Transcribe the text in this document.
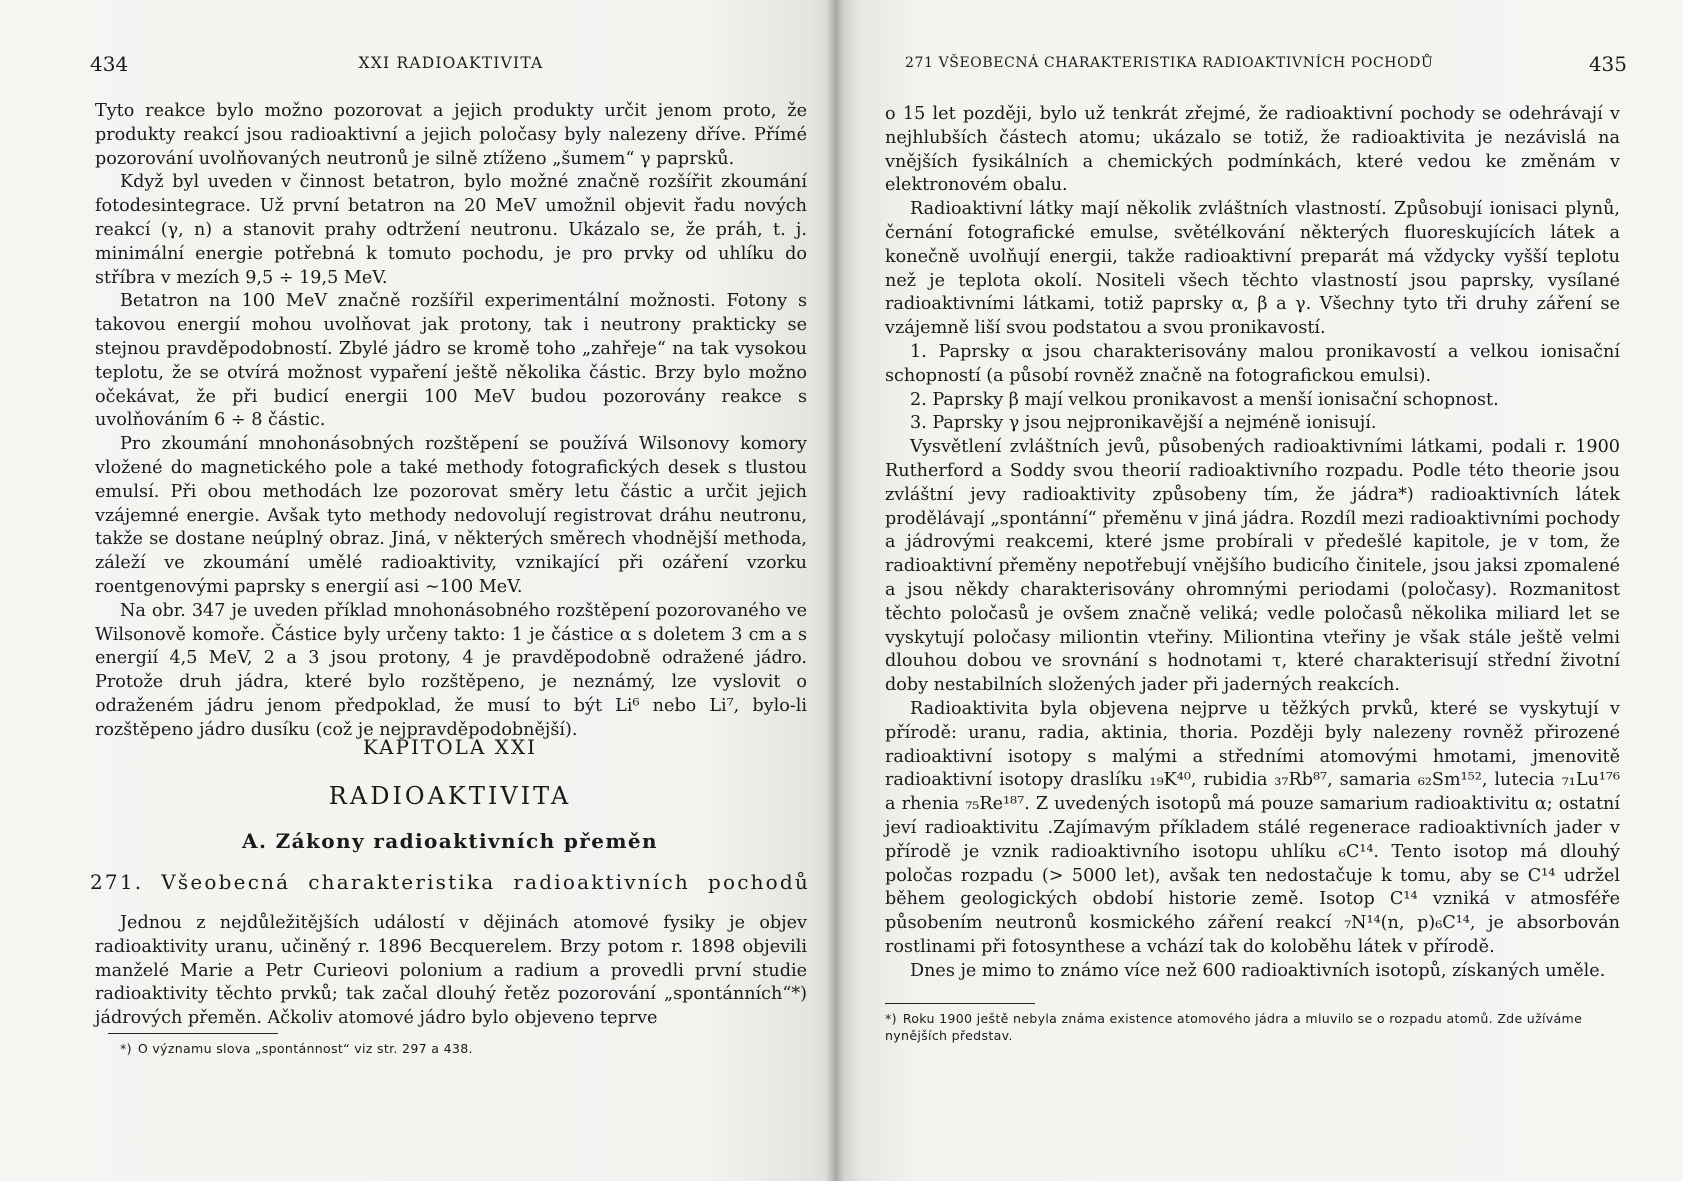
434	XXI RADIOAKTIVITA

Tyto reakce bylo možno pozorovat a jejich produkty určit jenom proto, že produkty reakcí jsou radioaktivní a jejich poločasy byly nalezeny dříve. Přímé pozorování uvolňovaných neutronů je silně ztíženo „šumem“ γ paprsků.

Když byl uveden v činnost betatron, bylo možné značně rozšířit zkoumání fotodesintegrace. Už první betatron na 20 MeV umožnil objevit řadu nových reakcí (γ, n) a stanovit prahy odtržení neutronu. Ukázalo se, že práh, t. j. minimální energie potřebná k tomuto pochodu, je pro prvky od uhlíku do stříbra v mezích 9,5 ÷ 19,5 MeV.

Betatron na 100 MeV značně rozšířil experimentální možnosti. Fotony s takovou energií mohou uvolňovat jak protony, tak i neutrony prakticky se stejnou pravděpodobností. Zbylé jádro se kromě toho „zahřeje“ na tak vysokou teplotu, že se otvírá možnost vypaření ještě několika částic. Brzy bylo možno očekávat, že při budicí energii 100 MeV budou pozorovány reakce s uvolňováním 6 ÷ 8 částic.

Pro zkoumání mnohonásobných rozštěpení se používá Wilsonovy komory vložené do magnetického pole a také methody fotografických desek s tlustou emulsí. Při obou methodách lze pozorovat směry letu částic a určit jejich vzájemné energie. Avšak tyto methody nedovolují registrovat dráhu neutronu, takže se dostane neúplný obraz. Jiná, v některých směrech vhodnější methoda, záleží ve zkoumání umělé radioaktivity, vznikající při ozáření vzorku roentgenovými paprsky s energií asi ∼100 MeV.

Na obr. 347 je uveden příklad mnohonásobného rozštěpení pozorovaného ve Wilsonově komoře. Částice byly určeny takto: 1 je částice α s doletem 3 cm a s energií 4,5 MeV, 2 a 3 jsou protony, 4 je pravděpodobně odražené jádro. Protože druh jádra, které bylo rozštěpeno, je neznámý, lze vyslovit o odraženém jádru jenom předpoklad, že musí to být Li⁶ nebo Li⁷, bylo-li rozštěpeno jádro dusíku (což je nejpravděpodobnější).

KAPITOLA XXI
RADIOAKTIVITA
A. Zákony radioaktivních přeměn
271. Všeobecná charakteristika radioaktivních pochodů

Jednou z nejdůležitějších událostí v dějinách atomové fysiky je objev radioaktivity uranu, učiněný r. 1896 Becquerelem. Brzy potom r. 1898 objevili manželé Marie a Petr Curieovi polonium a radium a provedli první studie radioaktivity těchto prvků; tak začal dlouhý řetěz pozorování „spontánních“*) jádrových přeměn. Ačkoliv atomové jádro bylo objeveno teprve

*) O významu slova „spontánnost“ viz str. 297 a 438.
271 VŠEOBECNÁ CHARAKTERISTIKA RADIOAKTIVNÍCH POCHODŮ	435

o 15 let později, bylo už tenkrát zřejmé, že radioaktivní pochody se odehrávají v nejhlubších částech atomu; ukázalo se totiž, že radioaktivita je nezávislá na vnějších fysikálních a chemických podmínkách, které vedou ke změnám v elektronovém obalu.

Radioaktivní látky mají několik zvláštních vlastností. Způsobují ionisaci plynů, černání fotografické emulse, světélkování některých fluoreskujících látek a konečně uvolňují energii, takže radioaktivní preparát má vždycky vyšší teplotu než je teplota okolí. Nositeli všech těchto vlastností jsou paprsky, vysílané radioaktivními látkami, totiž paprsky α, β a γ. Všechny tyto tři druhy záření se vzájemně liší svou podstatou a svou pronikavostí.

1. Paprsky α jsou charakterisovány malou pronikavostí a velkou ionisační schopností (a působí rovněž značně na fotografickou emulsi).

2. Paprsky β mají velkou pronikavost a menší ionisační schopnost.

3. Paprsky γ jsou nejpronikavější a nejméně ionisují.

Vysvětlení zvláštních jevů, působených radioaktivními látkami, podali r. 1900 Rutherford a Soddy svou theorií radioaktivního rozpadu. Podle této theorie jsou zvláštní jevy radioaktivity způsobeny tím, že jádra*) radioaktivních látek prodělávají „spontánní“ přeměnu v jiná jádra. Rozdíl mezi radioaktivními pochody a jádrovými reakcemi, které jsme probírali v předešlé kapitole, je v tom, že radioaktivní přeměny nepotřebují vnějšího budicího činitele, jsou jaksi zpomalené a jsou někdy charakterisovány ohromnými periodami (poločasy). Rozmanitost těchto poločasů je ovšem značně veliká; vedle poločasů několika miliard let se vyskytují poločasy miliontin vteřiny. Miliontina vteřiny je však stále ještě velmi dlouhou dobou ve srovnání s hodnotami τ, které charakterisují střední životní doby nestabilních složených jader při jaderných reakcích.

Radioaktivita byla objevena nejprve u těžkých prvků, které se vyskytují v přírodě: uranu, radia, aktinia, thoria. Později byly nalezeny rovněž přirozené radioaktivní isotopy s malými a středními atomovými hmotami, jmenovitě radioaktivní isotopy draslíku ₁₉K⁴⁰, rubidia ₃₇Rb⁸⁷, samaria ₆₂Sm¹⁵², lutecia ₇₁Lu¹⁷⁶ a rhenia ₇₅Re¹⁸⁷. Z uvedených isotopů má pouze samarium radioaktivitu α; ostatní jeví radioaktivitu .Zajímavým příkladem stálé regenerace radioaktivních jader v přírodě je vznik radioaktivního isotopu uhlíku ₆C¹⁴. Tento isotop má dlouhý poločas rozpadu (> 5000 let), avšak ten nedostačuje k tomu, aby se C¹⁴ udržel během geologických období historie země. Isotop C¹⁴ vzniká v atmosféře působením neutronů kosmického záření reakcí ₇N¹⁴(n, p)₆C¹⁴, je absorbován rostlinami při fotosynthese a vchází tak do koloběhu látek v přírodě.

Dnes je mimo to známo více než 600 radioaktivních isotopů, získaných uměle.

*) Roku 1900 ještě nebyla známa existence atomového jádra a mluvilo se o rozpadu atomů. Zde užíváme nynějších představ.
